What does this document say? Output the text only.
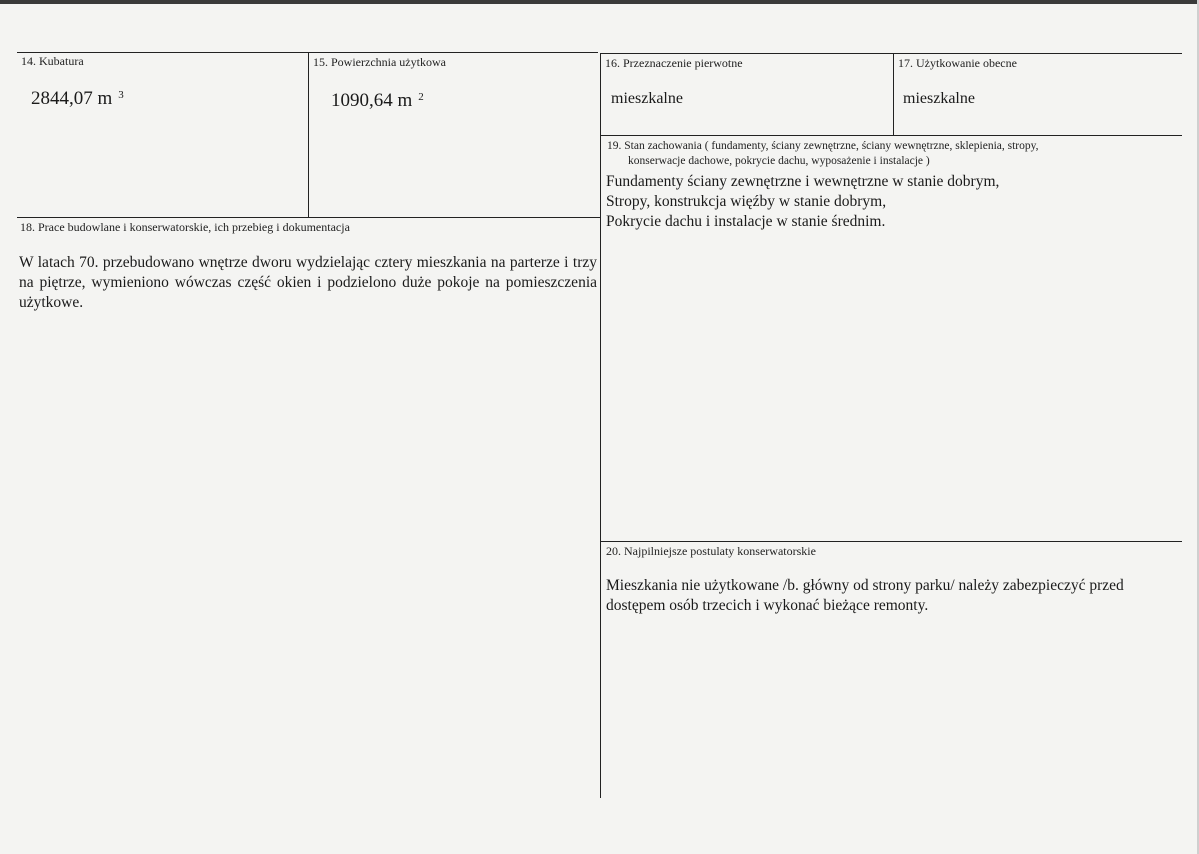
14. Kubatura
2844,07 m $^3$
15. Powierzchnia użytkowa
1090,64 m $^2$
16. Przeznaczenie pierwotne
mieszkalne
17. Użytkowanie obecne
mieszkalne
18. Prace budowlane i konserwatorskie, ich przebieg i dokumentacja
W latach 70. przebudowano wnętrze dworu wydzielając cztery mieszkania na parterze i trzy na piętrze, wymieniono wówczas część okien i podzielono duże pokoje na pomieszczenia użytkowe.
19. Stan zachowania ( fundamenty, ściany zewnętrzne, ściany wewnętrzne, sklepienia, stropy,
konserwacje dachowe, pokrycie dachu, wyposażenie i instalacje )
Fundamenty ściany zewnętrzne i wewnętrzne w stanie dobrym,
Stropy, konstrukcja więźby w stanie dobrym,
Pokrycie dachu i instalacje w stanie średnim.
20. Najpilniejsze postulaty konserwatorskie
Mieszkania nie użytkowane /b. główny od strony parku/ należy zabezpieczyć przed
dostępem osób trzecich i wykonać bieżące remonty.
